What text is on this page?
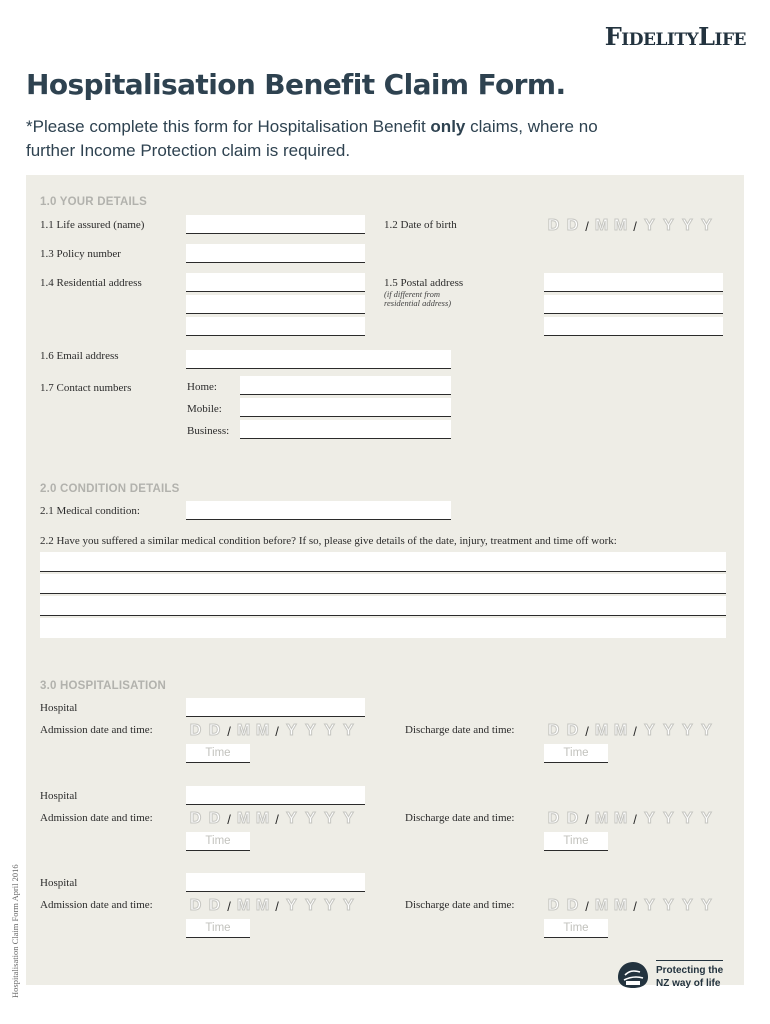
FidelityLife
Hospitalisation Benefit Claim Form.
*Please complete this form for Hospitalisation Benefit only claims, where no further Income Protection claim is required.
1.0 YOUR DETAILS
1.1 Life assured (name)	1.2 Date of birth	D D / M M / Y Y Y Y
1.3 Policy number
1.4 Residential address	1.5 Postal address
(if different from
residential address)
1.6 Email address
1.7 Contact numbers	Home:
Mobile:
Business:
2.0 CONDITION DETAILS
2.1 Medical condition:
2.2 Have you suffered a similar medical condition before? If so, please give details of the date, injury, treatment and time off work:
3.0 HOSPITALISATION
Hospital
Admission date and time: D D / M M / Y Y Y Y	Discharge date and time: D D / M M / Y Y Y Y
Time	Time
Hospital
Admission date and time: D D / M M / Y Y Y Y	Discharge date and time: D D / M M / Y Y Y Y
Time	Time
Hospital
Admission date and time: D D / M M / Y Y Y Y	Discharge date and time: D D / M M / Y Y Y Y
Time	Time
Hospitalisation Claim Form April 2016	Protecting the
NZ way of life
